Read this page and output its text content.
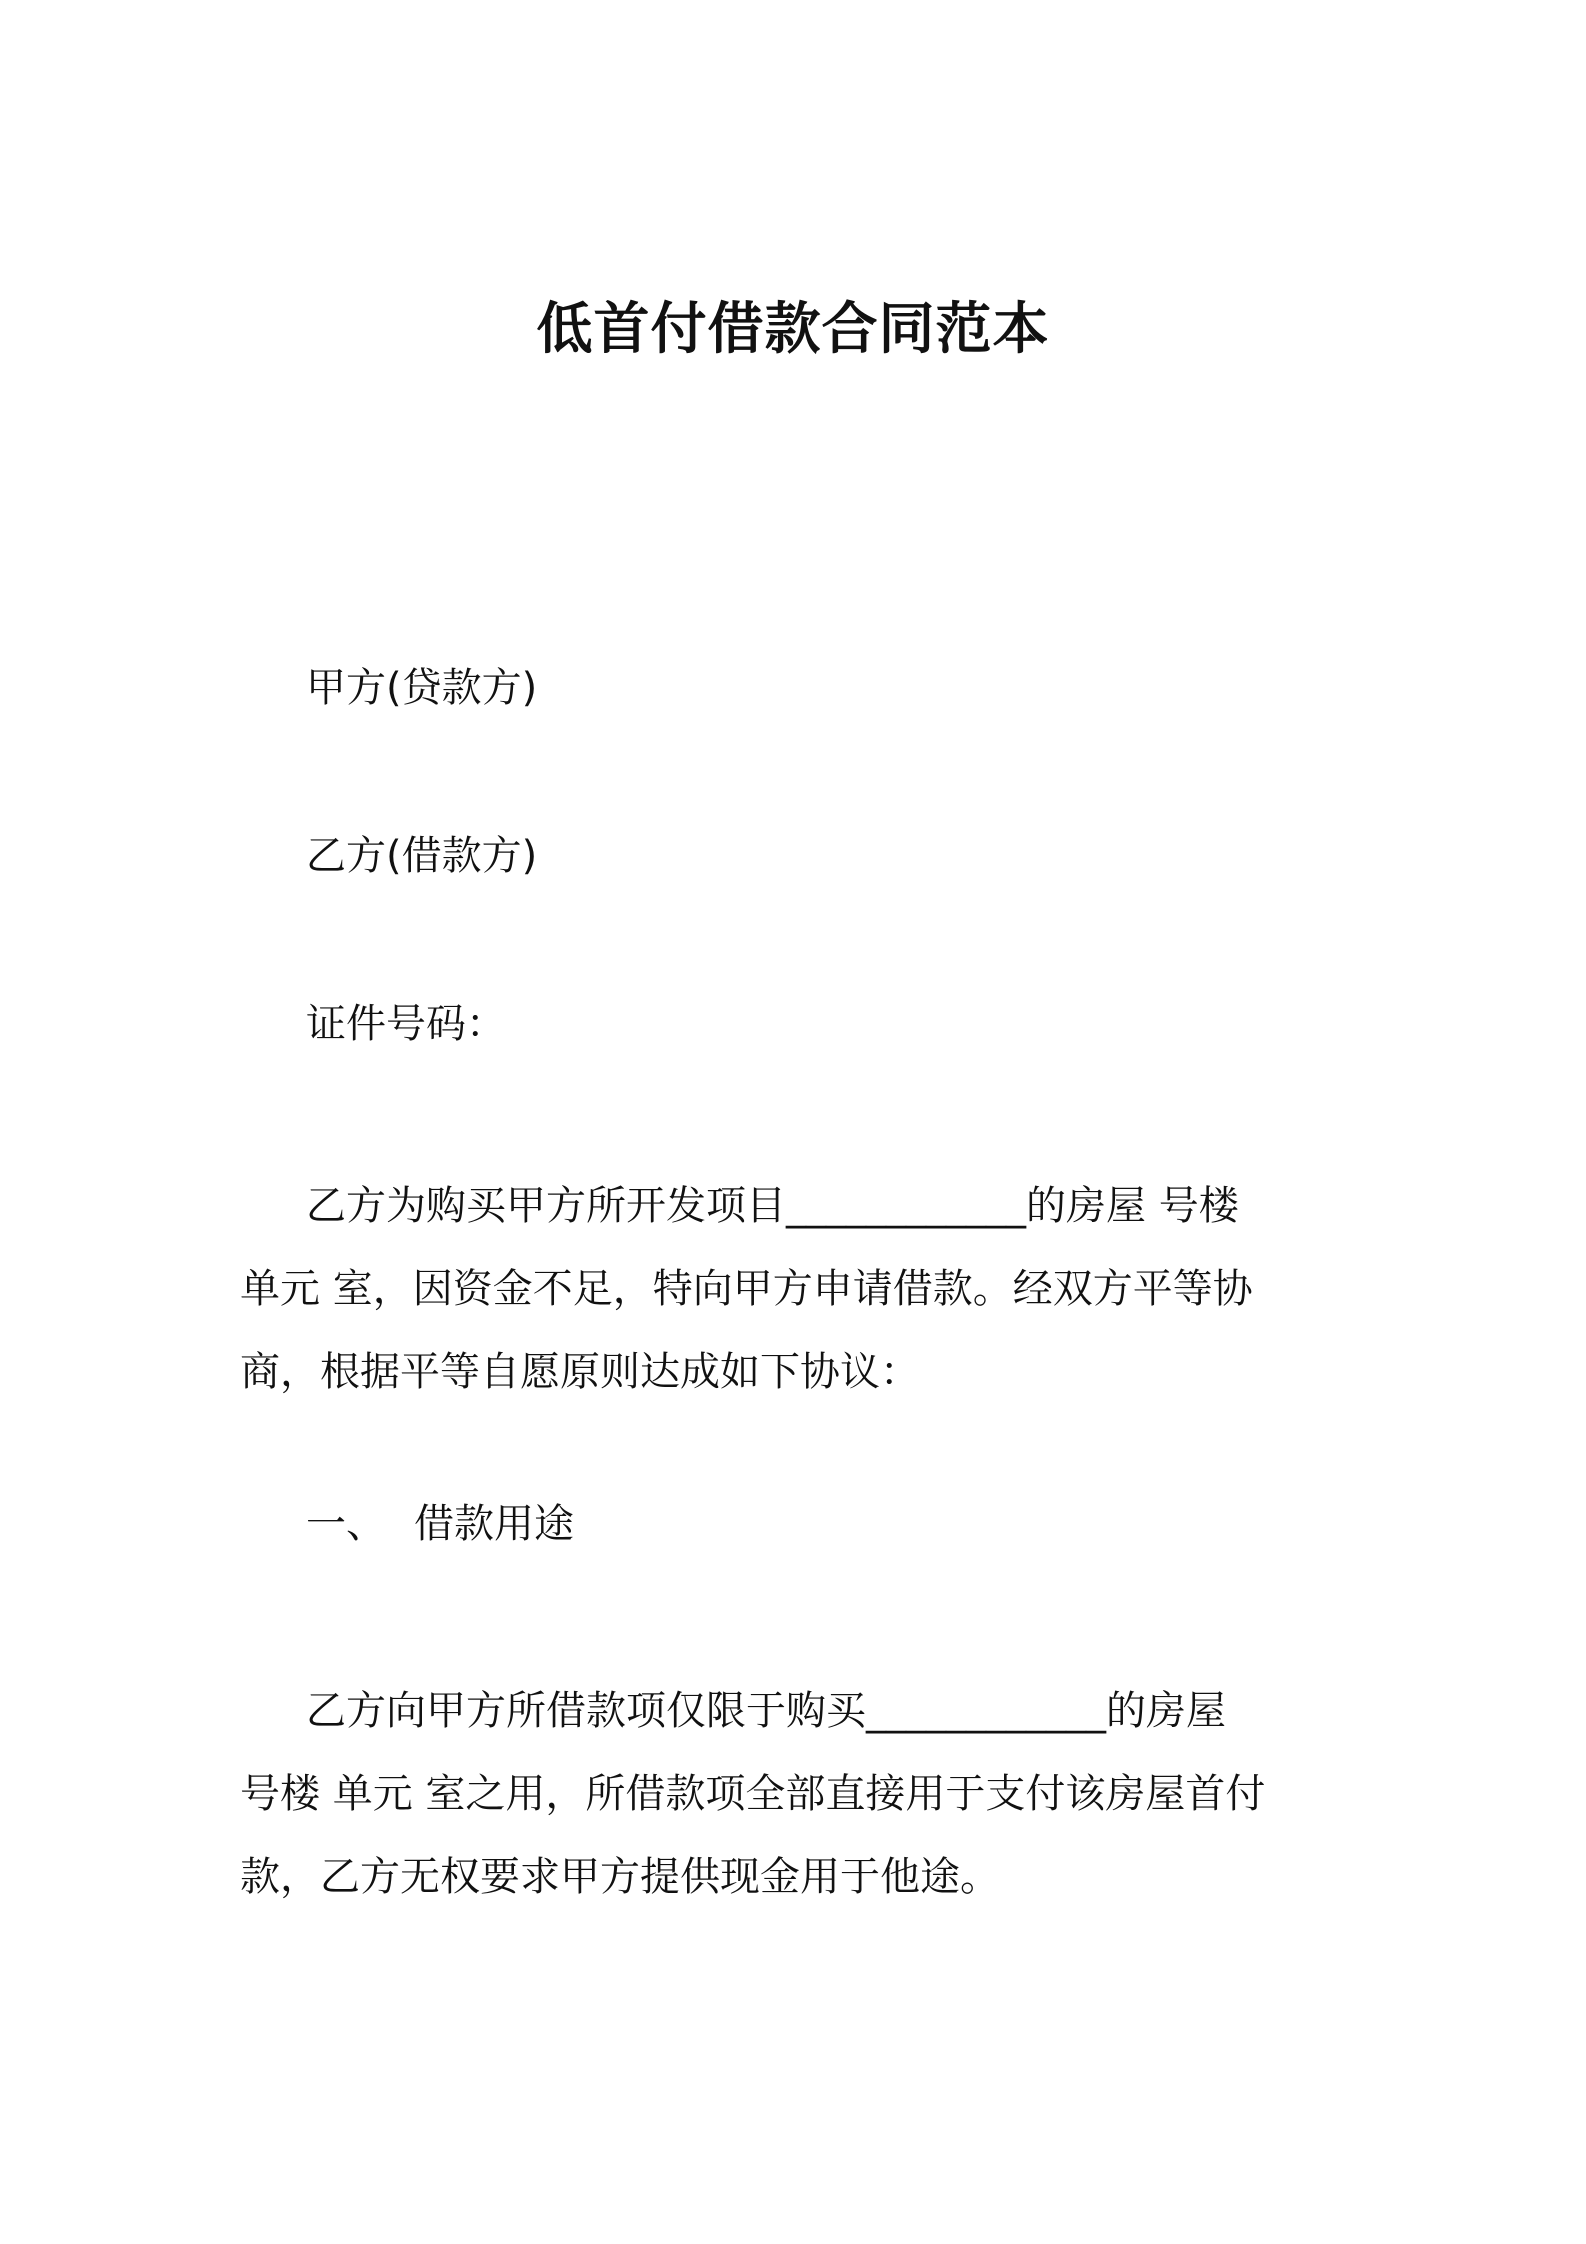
低首付借款合同范本
甲方(贷款方)
乙方(借款方)
证件号码：
乙方为购买甲方所开发项目____________的房屋 号楼
单元 室，因资金不足，特向甲方申请借款。经双方平等协
商，根据平等自愿原则达成如下协议：
一、 借款用途
乙方向甲方所借款项仅限于购买____________的房屋
号楼 单元 室之用，所借款项全部直接用于支付该房屋首付
款，乙方无权要求甲方提供现金用于他途。
